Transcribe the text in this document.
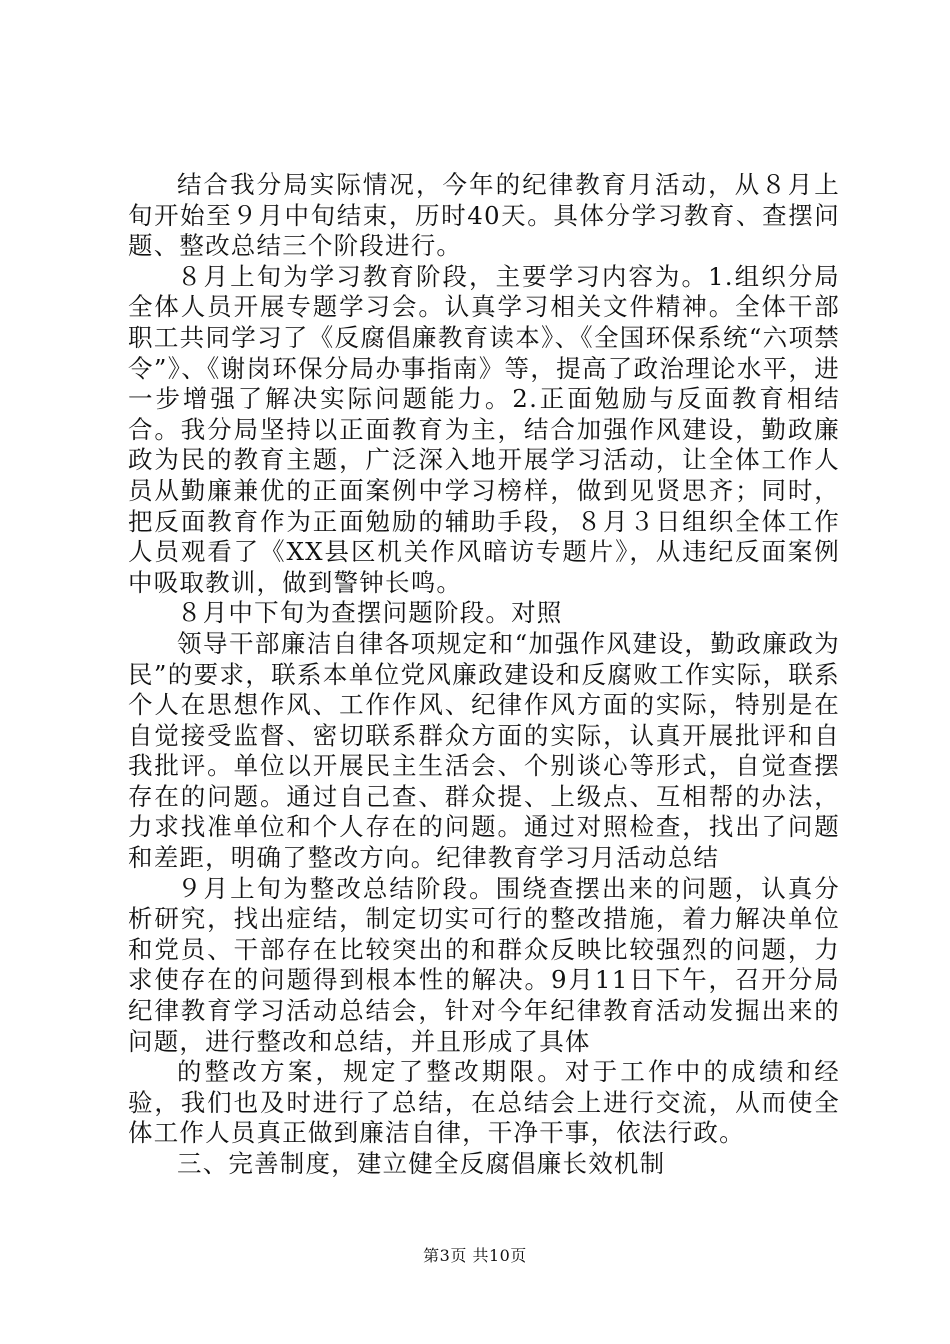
结合我分局实际情况，今年的纪律教育月活动，从８月上旬开始至９月中旬结束，历时40天。具体分学习教育、查摆问题、整改总结三个阶段进行。

８月上旬为学习教育阶段，主要学习内容为。1.组织分局全体人员开展专题学习会。认真学习相关文件精神。全体干部职工共同学习了《反腐倡廉教育读本》、《全国环保系统“六项禁令”》、《谢岗环保分局办事指南》等，提高了政治理论水平，进一步增强了解决实际问题能力。2.正面勉励与反面教育相结合。我分局坚持以正面教育为主，结合加强作风建设，勤政廉政为民的教育主题，广泛深入地开展学习活动，让全体工作人员从勤廉兼优的正面案例中学习榜样，做到见贤思齐；同时，把反面教育作为正面勉励的辅助手段，８月３日组织全体工作人员观看了《XX县区机关作风暗访专题片》，从违纪反面案例中吸取教训，做到警钟长鸣。

８月中下旬为查摆问题阶段。对照

领导干部廉洁自律各项规定和“加强作风建设，勤政廉政为民”的要求，联系本单位党风廉政建设和反腐败工作实际，联系个人在思想作风、工作作风、纪律作风方面的实际，特别是在自觉接受监督、密切联系群众方面的实际，认真开展批评和自我批评。单位以开展民主生活会、个别谈心等形式，自觉查摆存在的问题。通过自己查、群众提、上级点、互相帮的办法，力求找准单位和个人存在的问题。通过对照检查，找出了问题和差距，明确了整改方向。纪律教育学习月活动总结

９月上旬为整改总结阶段。围绕查摆出来的问题，认真分析研究，找出症结，制定切实可行的整改措施，着力解决单位和党员、干部存在比较突出的和群众反映比较强烈的问题，力求使存在的问题得到根本性的解决。9月11日下午，召开分局纪律教育学习活动总结会，针对今年纪律教育活动发掘出来的问题，进行整改和总结，并且形成了具体

的整改方案，规定了整改期限。对于工作中的成绩和经验，我们也及时进行了总结，在总结会上进行交流，从而使全体工作人员真正做到廉洁自律，干净干事，依法行政。

三、完善制度，建立健全反腐倡廉长效机制

第3页 共10页
